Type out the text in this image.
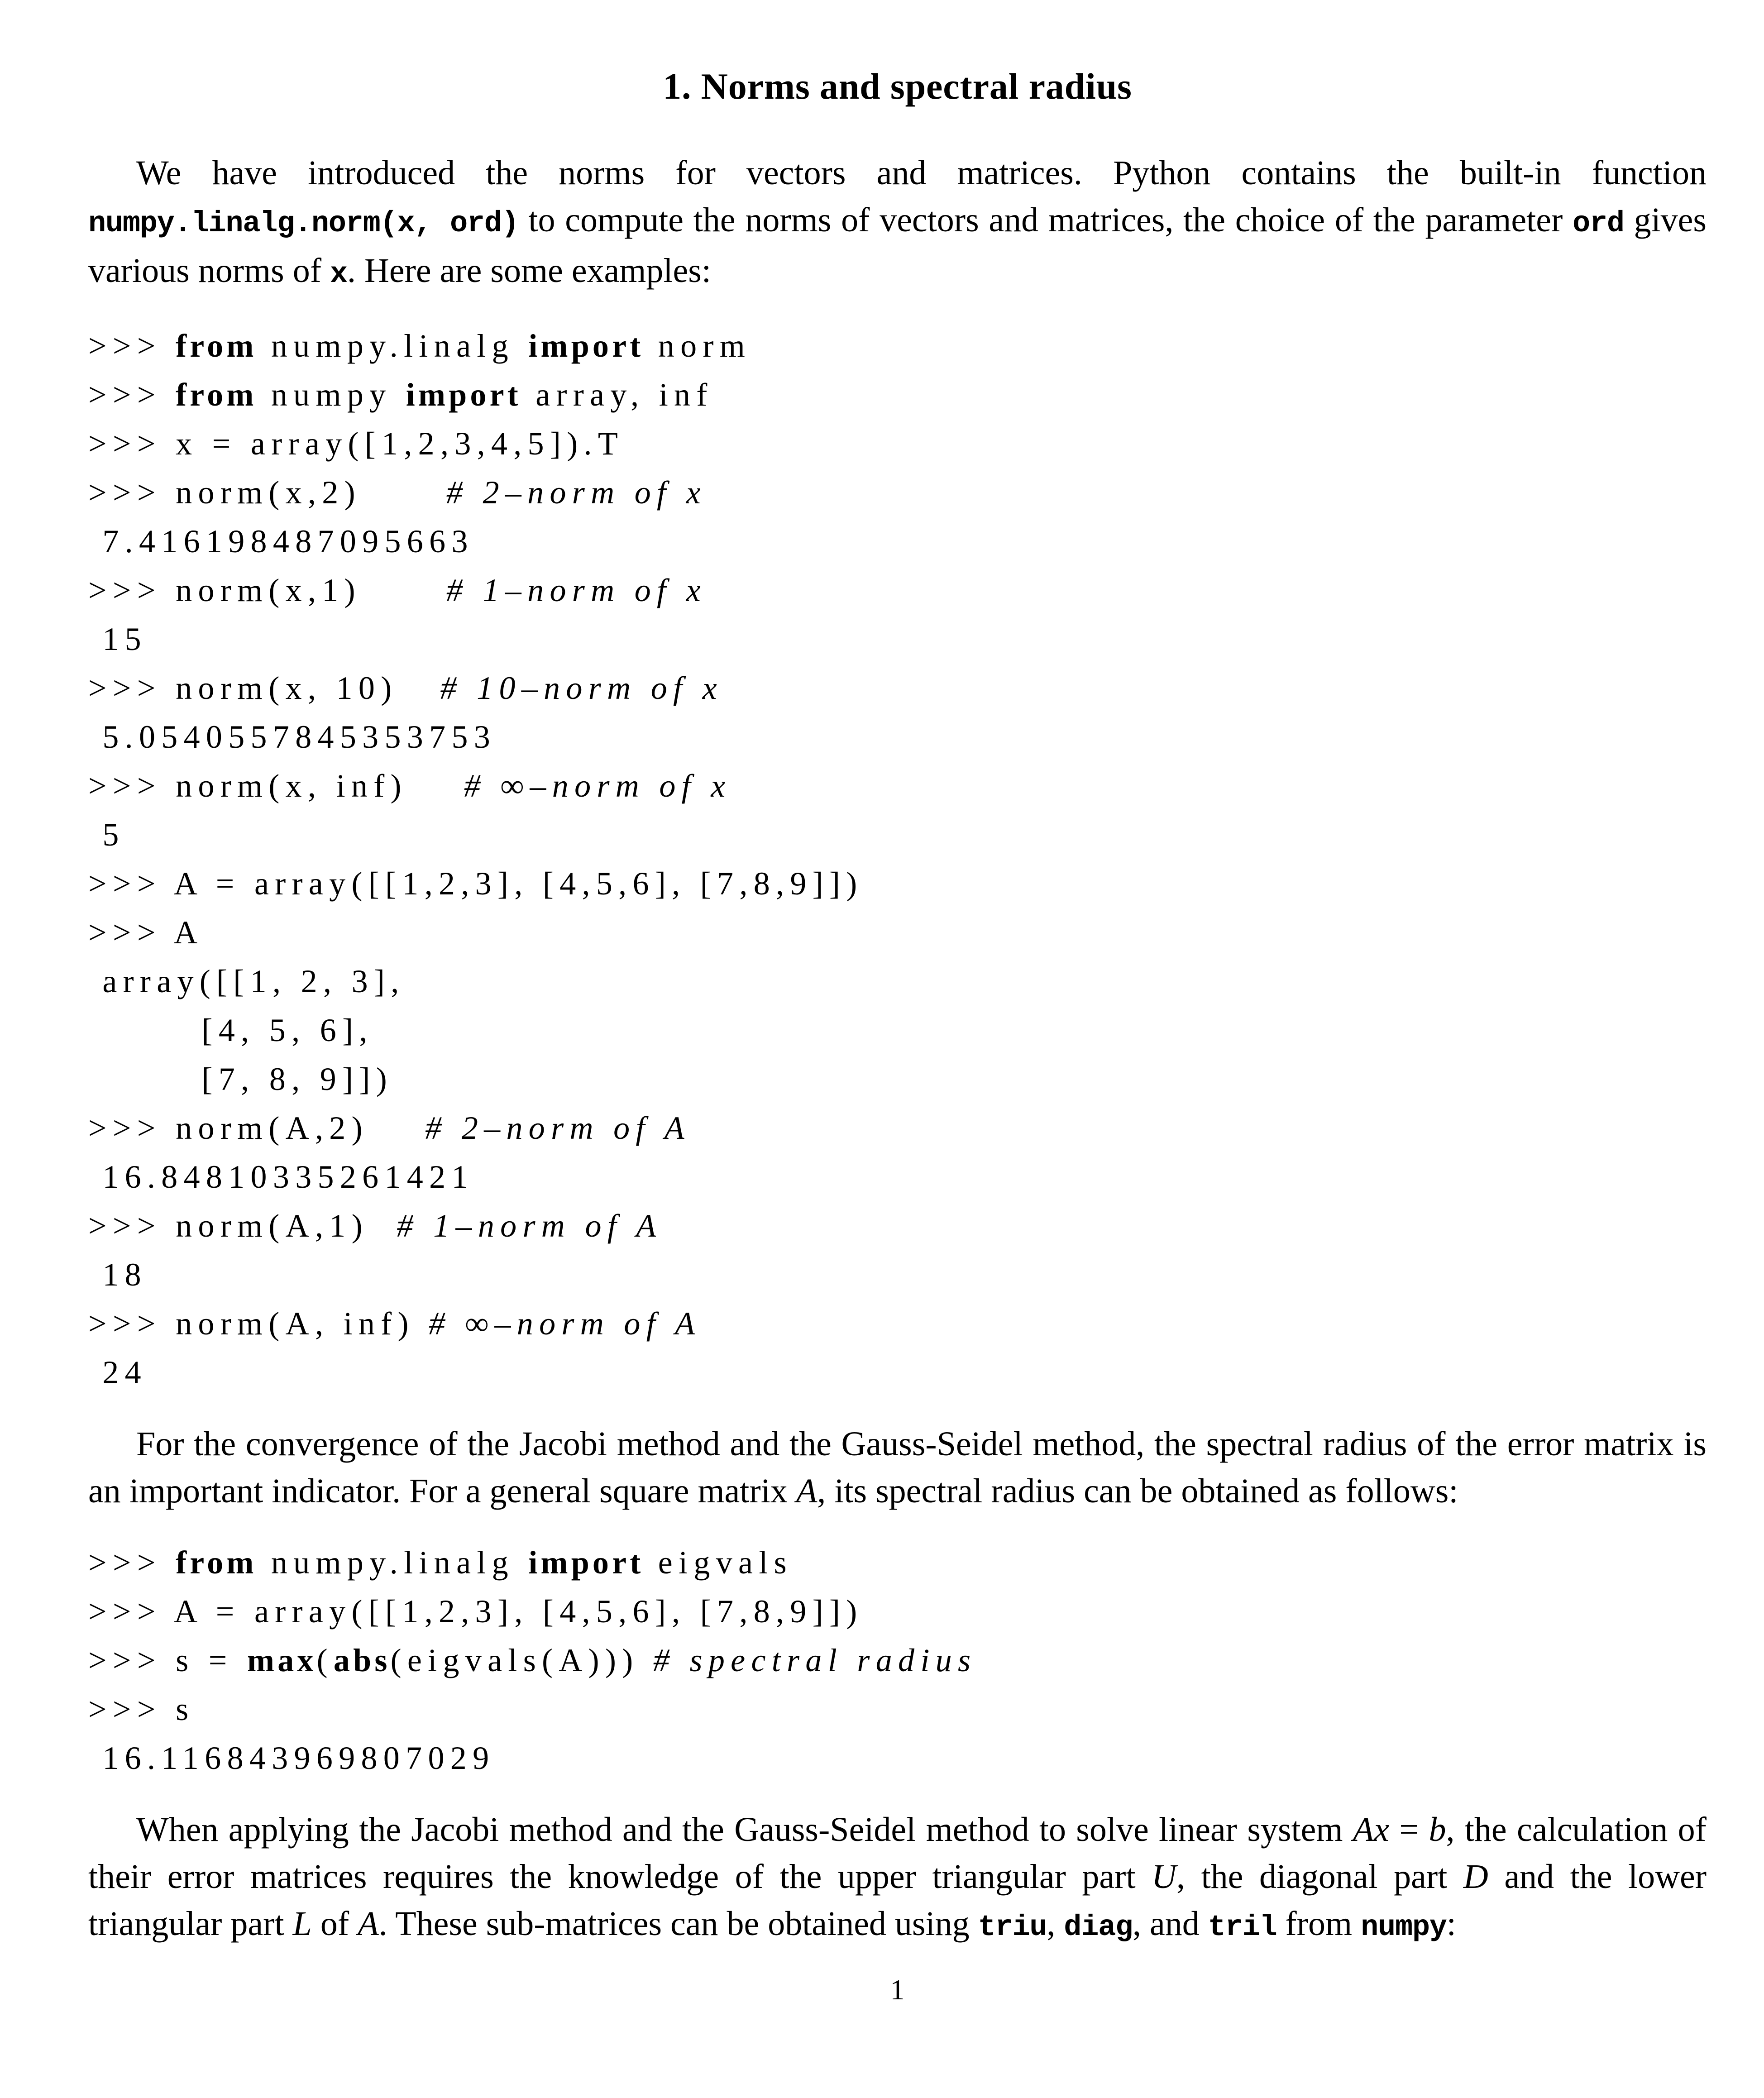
1. Norms and spectral radius

We have introduced the norms for vectors and matrices. Python contains the built-in function numpy.linalg.norm(x, ord) to compute the norms of vectors and matrices, the choice of the parameter ord gives various norms of x. Here are some examples:

>>> from numpy.linalg import norm
>>> from numpy import array, inf
>>> x = array([1,2,3,4,5]).T
>>> norm(x,2)      # 2–norm of x
7.416198487095663
>>> norm(x,1)      # 1–norm of x
15
>>> norm(x, 10)   # 10–norm of x
5.0540557845353753
>>> norm(x, inf)    # ∞–norm of x
5
>>> A = array([[1,2,3], [4,5,6], [7,8,9]])
>>> A
array([[1, 2, 3],
[4, 5, 6],
[7, 8, 9]])
>>> norm(A,2)    # 2–norm of A
16.84810335261421
>>> norm(A,1)  # 1–norm of A
18
>>> norm(A, inf) # ∞–norm of A
24

For the convergence of the Jacobi method and the Gauss-Seidel method, the spectral radius of the error matrix is an important indicator. For a general square matrix A, its spectral radius can be obtained as follows:

>>> from numpy.linalg import eigvals
>>> A = array([[1,2,3], [4,5,6], [7,8,9]])
>>> s = max(abs(eigvals(A))) # spectral radius
>>> s
16.116843969807029

When applying the Jacobi method and the Gauss-Seidel method to solve linear system Ax = b, the calculation of their error matrices requires the knowledge of the upper triangular part U, the diagonal part D and the lower triangular part L of A. These sub-matrices can be obtained using triu, diag, and tril from numpy:

1
